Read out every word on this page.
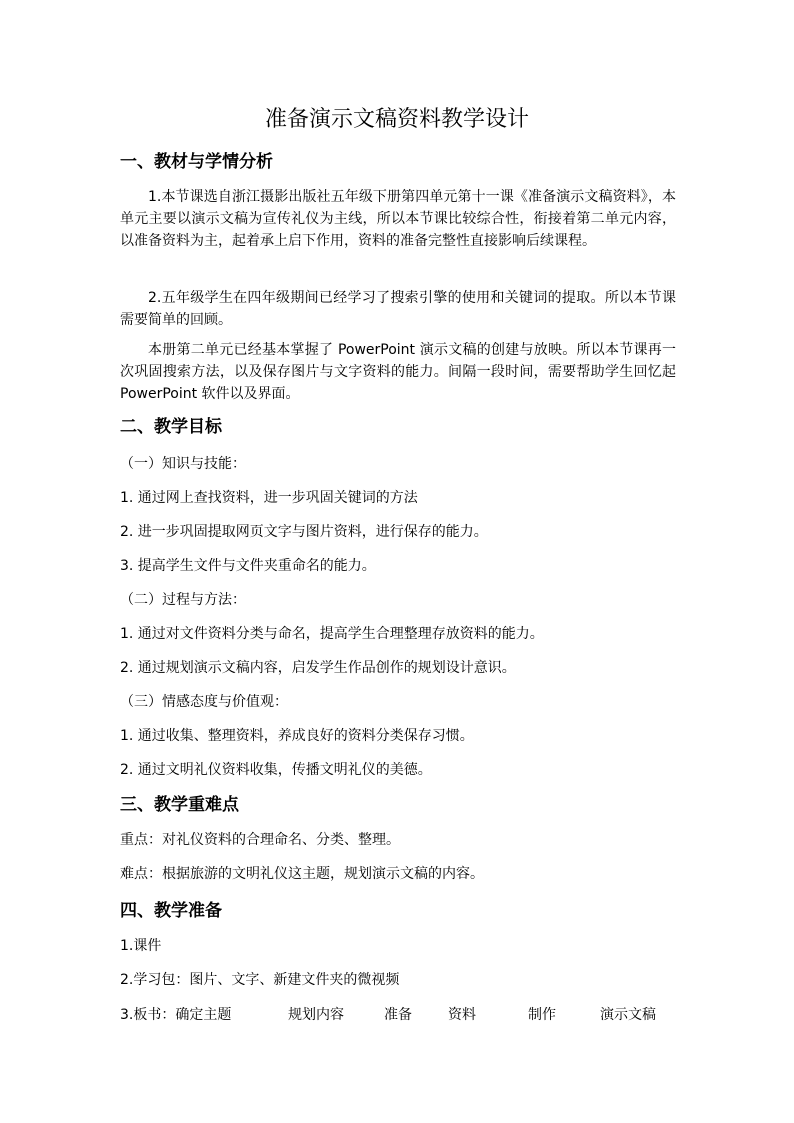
准备演示文稿资料教学设计
一、教材与学情分析
1.本节课选自浙江摄影出版社五年级下册第四单元第十一课《准备演示文稿资料》，本单元主要以演示文稿为宣传礼仪为主线，所以本节课比较综合性，衔接着第二单元内容，以准备资料为主，起着承上启下作用，资料的准备完整性直接影响后续课程。
2.五年级学生在四年级期间已经学习了搜索引擎的使用和关键词的提取。所以本节课需要简单的回顾。
本册第二单元已经基本掌握了 PowerPoint 演示文稿的创建与放映。所以本节课再一次巩固搜索方法，以及保存图片与文字资料的能力。间隔一段时间，需要帮助学生回忆起 PowerPoint 软件以及界面。
二、教学目标
（一）知识与技能：
1. 通过网上查找资料，进一步巩固关键词的方法
2. 进一步巩固提取网页文字与图片资料，进行保存的能力。
3. 提高学生文件与文件夹重命名的能力。
（二）过程与方法：
1. 通过对文件资料分类与命名，提高学生合理整理存放资料的能力。
2. 通过规划演示文稿内容，启发学生作品创作的规划设计意识。
（三）情感态度与价值观：
1. 通过收集、整理资料，养成良好的资料分类保存习惯。
2. 通过文明礼仪资料收集，传播文明礼仪的美德。
三、教学重难点
重点：对礼仪资料的合理命名、分类、整理。
难点：根据旅游的文明礼仪这主题，规划演示文稿的内容。
四、教学准备
1.课件
2.学习包：图片、文字、新建文件夹的微视频
3.板书：确定主题	规划内容	准备	资料	制作	演示文稿
